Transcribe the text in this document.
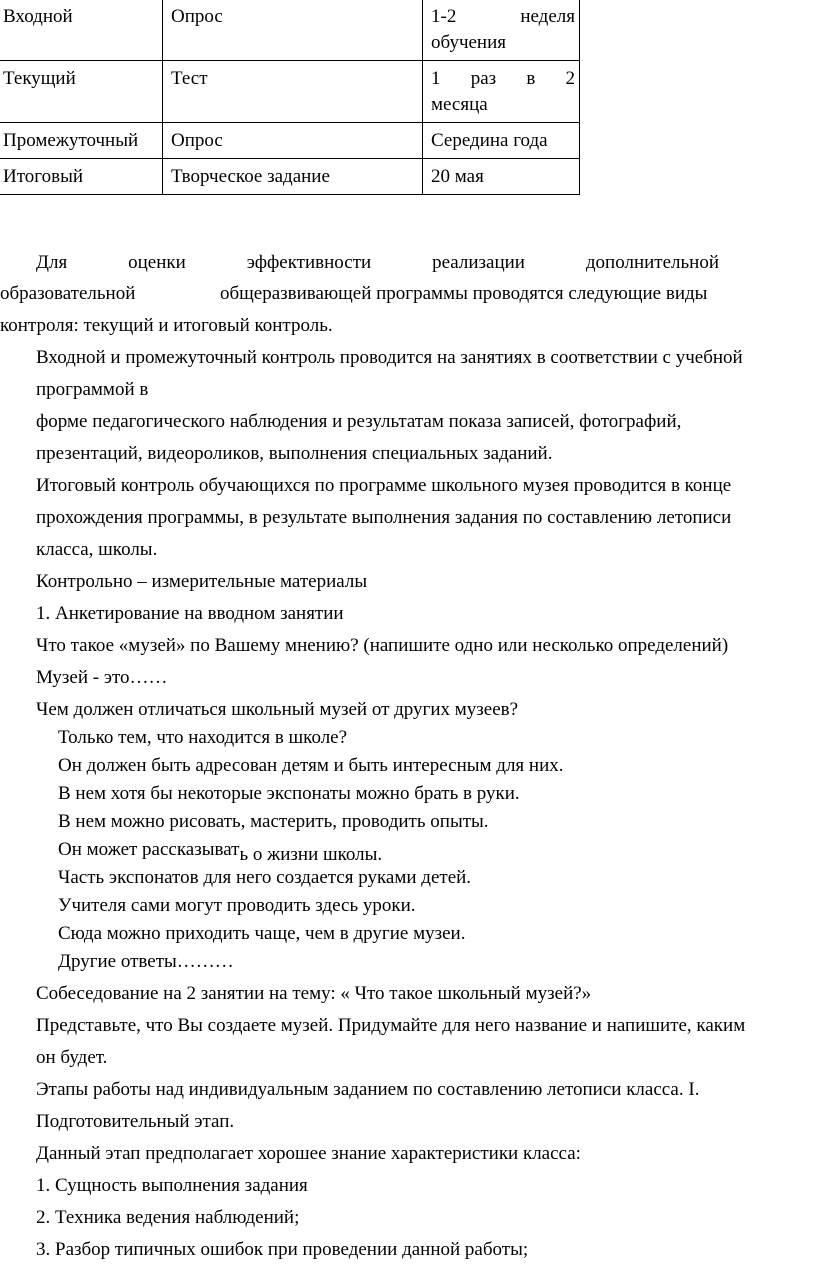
Входной	Опрос	1-2 неделя
обучения

Текущий	Тест	1 раз в 2
месяца

Промежуточный	Опрос	Середина года
Итоговый	Творческое задание	20 мая
Для	оценки	эффективности	реализации	дополнительной
образовательной	общеразвивающей программы проводятся следующие виды
контроля: текущий и итоговый контроль.
Входной и промежуточный контроль проводится на занятиях в соответствии с учебной
программой в
форме педагогического наблюдения и результатам показа записей, фотографий,
презентаций, видеороликов, выполнения специальных заданий.
Итоговый контроль обучающихся по программе школьного музея проводится в конце
прохождения программы, в результате выполнения задания по составлению летописи
класса, школы.
Контрольно – измерительные материалы
1. Анкетирование на вводном занятии
Что такое «музей» по Вашему мнению? (напишите одно или несколько определений)
Музей - это……
Чем должен отличаться школьный музей от других музеев?
Только тем, что находится в школе?
Он должен быть адресован детям и быть интересным для них.
В нем хотя бы некоторые экспонаты можно брать в руки.
В нем можно рисовать, мастерить, проводить опыты.
Он может рассказывать о жизни школы.
Часть экспонатов для него создается руками детей.
Учителя сами могут проводить здесь уроки.
Сюда можно приходить чаще, чем в другие музеи.
Другие ответы………
Собеседование на 2 занятии на тему: « Что такое школьный музей?»
Представьте, что Вы создаете музей. Придумайте для него название и напишите, каким
он будет.
Этапы работы над индивидуальным заданием по составлению летописи класса. I.
Подготовительный этап.
Данный этап предполагает хорошее знание характеристики класса:
1. Сущность выполнения задания
2. Техника ведения наблюдений;
3. Разбор типичных ошибок при проведении данной работы;
